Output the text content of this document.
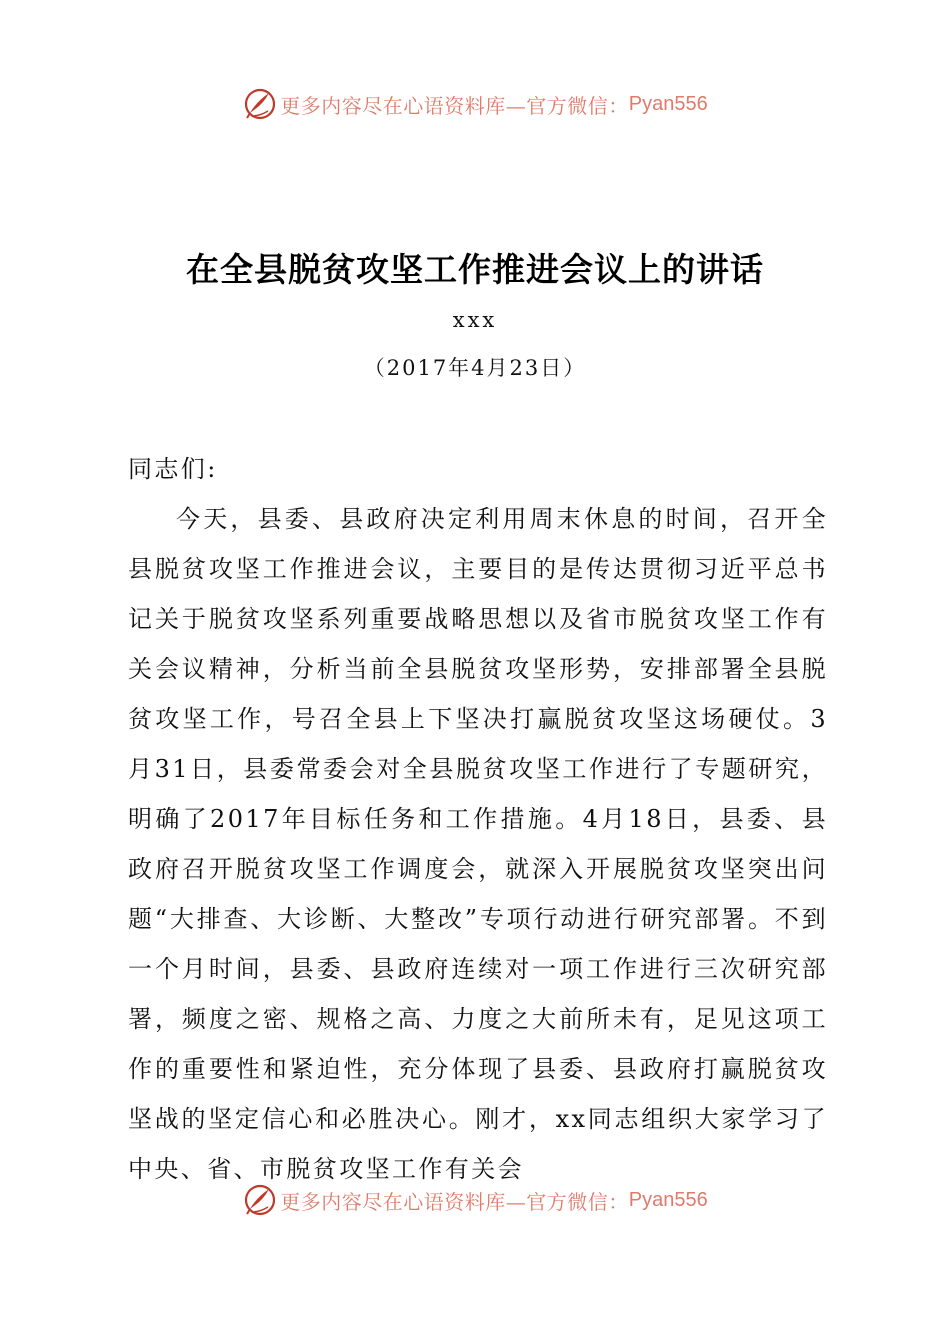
更多内容尽在心语资料库—官方微信： Pyan556
在全县脱贫攻坚工作推进会议上的讲话
xxx
（2017年4月23日）

同志们:

今天，县委、县政府决定利用周末休息的时间，召开全县脱贫攻坚工作推进会议，主要目的是传达贯彻习近平总书记关于脱贫攻坚系列重要战略思想以及省市脱贫攻坚工作有关会议精神，分析当前全县脱贫攻坚形势，安排部署全县脱贫攻坚工作，号召全县上下坚决打赢脱贫攻坚这场硬仗。3月31日，县委常委会对全县脱贫攻坚工作进行了专题研究，明确了2017年目标任务和工作措施。4月18日，县委、县政府召开脱贫攻坚工作调度会，就深入开展脱贫攻坚突出问题“大排查、大诊断、大整改”专项行动进行研究部署。不到一个月时间，县委、县政府连续对一项工作进行三次研究部署，频度之密、规格之高、力度之大前所未有，足见这项工作的重要性和紧迫性，充分体现了县委、县政府打赢脱贫攻坚战的坚定信心和必胜决心。刚才，xx同志组织大家学习了中央、省、市脱贫攻坚工作有关会

更多内容尽在心语资料库—官方微信： Pyan556
